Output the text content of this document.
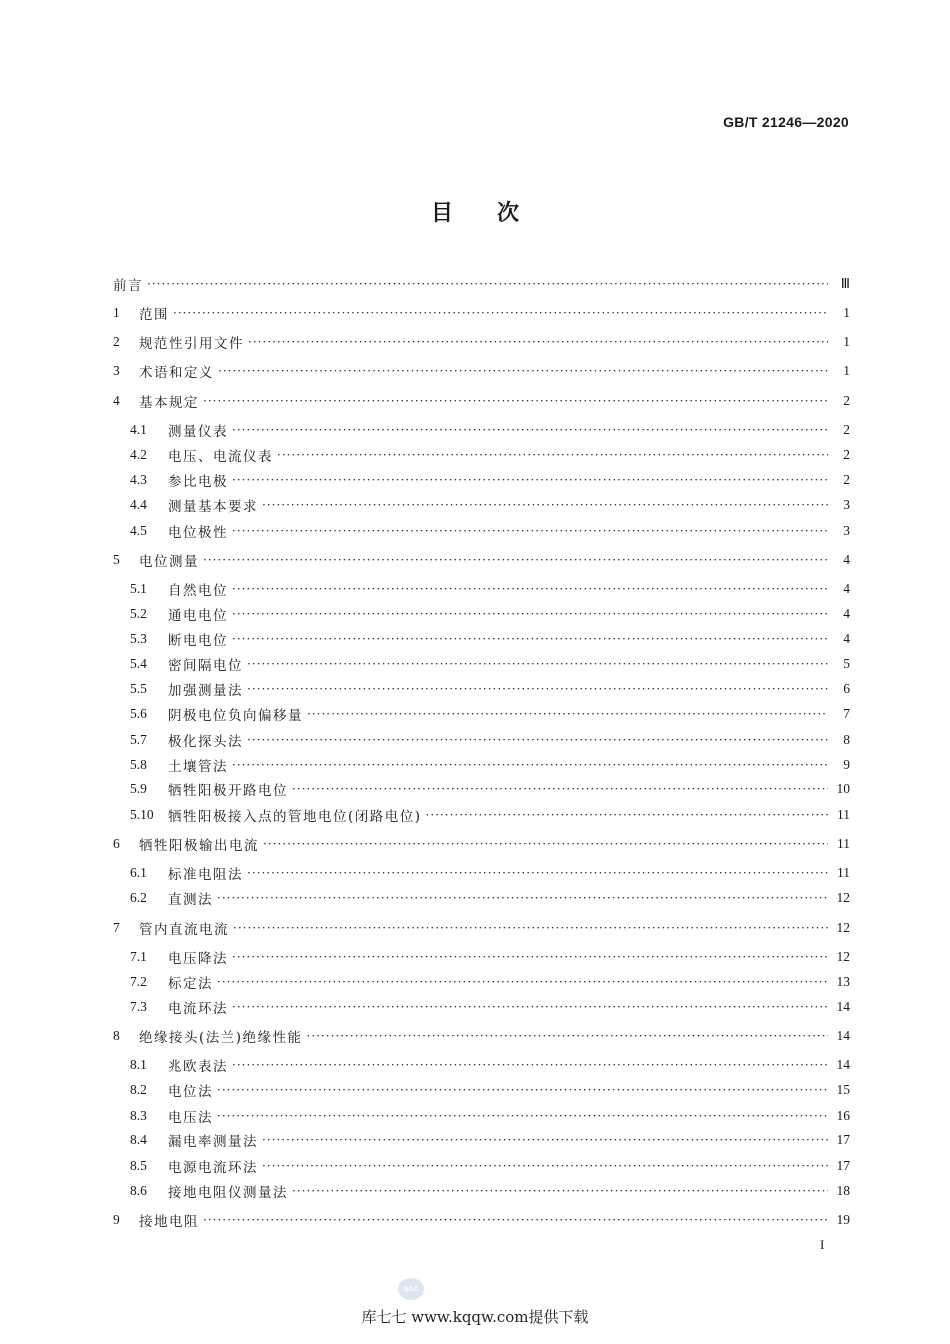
GB/T 21246—2020
目　　次
前言 ·····	Ⅲ
1	范围 ·····	1
2	规范性引用文件 ·····	1
3	术语和定义 ·····	1
4	基本规定 ·····	2
4.1	测量仪表 ·····	2
4.2	电压、电流仪表 ·····	2
4.3	参比电极 ·····	2
4.4	测量基本要求 ·····	3
4.5	电位极性 ·····	3
5	电位测量 ·····	4
5.1	自然电位 ·····	4
5.2	通电电位 ·····	4
5.3	断电电位 ·····	4
5.4	密间隔电位 ·····	5
5.5	加强测量法 ·····	6
5.6	阴极电位负向偏移量 ·····	7
5.7	极化探头法 ·····	8
5.8	土壤管法 ·····	9
5.9	牺牲阳极开路电位 ·····	10
5.10	牺牲阳极接入点的管地电位(闭路电位) ·····	11
6	牺牲阳极输出电流 ·····	11
6.1	标准电阻法 ·····	11
6.2	直测法 ·····	12
7	管内直流电流 ·····	12
7.1	电压降法 ·····	12
7.2	标定法 ·····	13
7.3	电流环法 ·····	14
8	绝缘接头(法兰)绝缘性能 ·····	14
8.1	兆欧表法 ·····	14
8.2	电位法 ·····	15
8.3	电压法 ·····	16
8.4	漏电率测量法 ·····	17
8.5	电源电流环法 ·····	17
8.6	接地电阻仪测量法 ·····	18
9	接地电阻 ·····	19
I
SAC
库七七 www.kqqw.com提供下载
